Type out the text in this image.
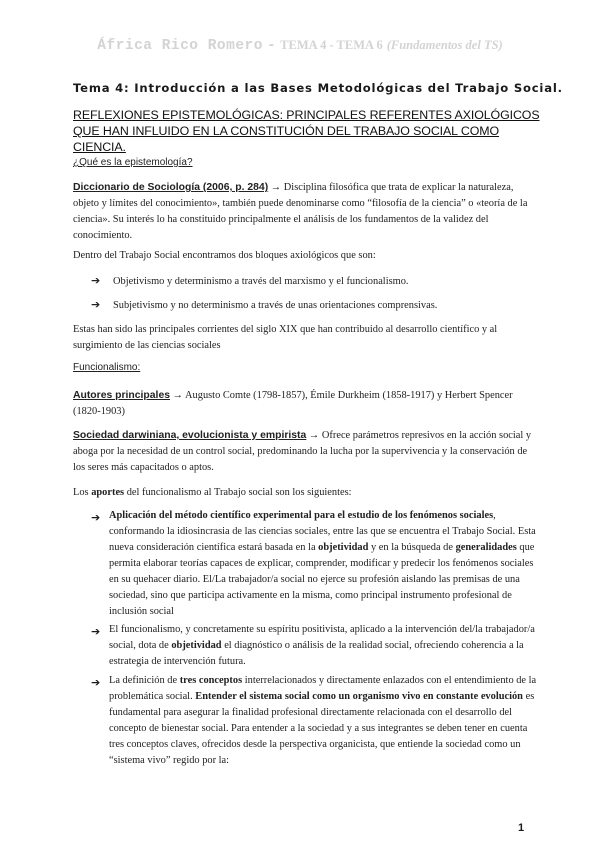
África Rico Romero - TEMA 4 - TEMA 6 (Fundamentos del TS)
Tema 4: Introducción a las Bases Metodológicas del Trabajo Social.
REFLEXIONES EPISTEMOLÓGICAS: PRINCIPALES REFERENTES AXIOLÓGICOS QUE HAN INFLUIDO EN LA CONSTITUCIÓN DEL TRABAJO SOCIAL COMO CIENCIA.
¿Qué es la epistemología?
Diccionario de Sociología (2006, p. 284) → Disciplina filosófica que trata de explicar la naturaleza, objeto y límites del conocimiento», también puede denominarse como “filosofía de la ciencia” o «teoría de la ciencia». Su interés lo ha constituido principalmente el análisis de los fundamentos de la validez del conocimiento.
Dentro del Trabajo Social encontramos dos bloques axiológicos que son:
➔ Objetivismo y determinismo a través del marxismo y el funcionalismo.
➔ Subjetivismo y no determinismo a través de unas orientaciones comprensivas.
Estas han sido las principales corrientes del siglo XIX que han contribuido al desarrollo científico y al surgimiento de las ciencias sociales
Funcionalismo:
Autores principales → Augusto Comte (1798-1857), Émile Durkheim (1858-1917) y Herbert Spencer (1820-1903)
Sociedad darwiniana, evolucionista y empirista → Ofrece parámetros represivos en la acción social y aboga por la necesidad de un control social, predominando la lucha por la supervivencia y la conservación de los seres más capacitados o aptos.
Los aportes del funcionalismo al Trabajo social son los siguientes:
➔ Aplicación del método científico experimental para el estudio de los fenómenos sociales, conformando la idiosincrasia de las ciencias sociales, entre las que se encuentra el Trabajo Social. Esta nueva consideración científica estará basada en la objetividad y en la búsqueda de generalidades que permita elaborar teorías capaces de explicar, comprender, modificar y predecir los fenómenos sociales en su quehacer diario. El/La trabajador/a social no ejerce su profesión aislando las premisas de una sociedad, sino que participa activamente en la misma, como principal instrumento profesional de inclusión social
➔ El funcionalismo, y concretamente su espíritu positivista, aplicado a la intervención del/la trabajador/a social, dota de objetividad el diagnóstico o análisis de la realidad social, ofreciendo coherencia a la estrategia de intervención futura.
➔ La definición de tres conceptos interrelacionados y directamente enlazados con el entendimiento de la problemática social. Entender el sistema social como un organismo vivo en constante evolución es fundamental para asegurar la finalidad profesional directamente relacionada con el desarrollo del concepto de bienestar social. Para entender a la sociedad y a sus integrantes se deben tener en cuenta tres conceptos claves, ofrecidos desde la perspectiva organicista, que entiende la sociedad como un “sistema vivo” regido por la:
1
